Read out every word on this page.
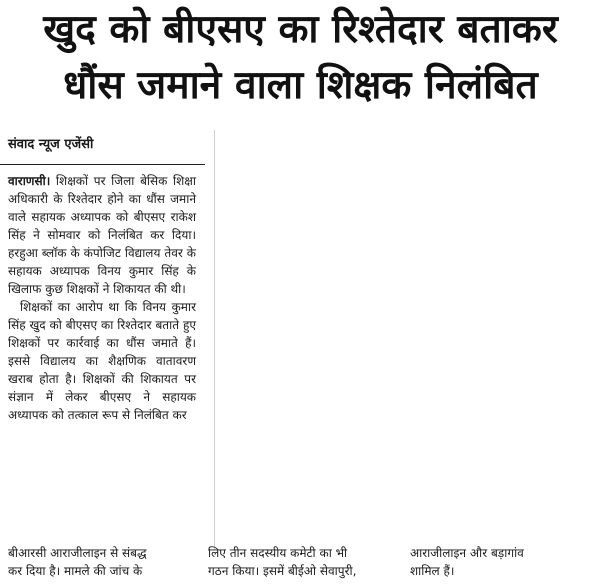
खुद को बीएसए का रिश्तेदार बताकर
धौंस जमाने वाला शिक्षक निलंबित
संवाद न्यूज एजेंसी

वाराणसी। शिक्षकों पर जिला बेसिक शिक्षा अधिकारी के रिश्तेदार होने का धौंस जमाने वाले सहायक अध्यापक को बीएसए राकेश सिंह ने सोमवार को निलंबित कर दिया। हरहुआ ब्लॉक के कंपोजिट विद्यालय तेवर के सहायक अध्यापक विनय कुमार सिंह के खिलाफ कुछ शिक्षकों ने शिकायत की थी।

शिक्षकों का आरोप था कि विनय कुमार सिंह खुद को बीएसए का रिश्तेदार बताते हुए शिक्षकों पर कार्रवाई का धौंस जमाते हैं। इससे विद्यालय का शैक्षणिक वातावरण खराब होता है। शिक्षकों की शिकायत पर संज्ञान में लेकर बीएसए ने सहायक अध्यापक को तत्काल रूप से निलंबित कर

बीआरसी आराजीलाइन से संबद्ध
कर दिया है। मामले की जांच के
लिए तीन सदस्यीय कमेटी का भी
गठन किया। इसमें बीईओ सेवापुरी,
आराजीलाइन और बड़ागांव
शामिल हैं।
